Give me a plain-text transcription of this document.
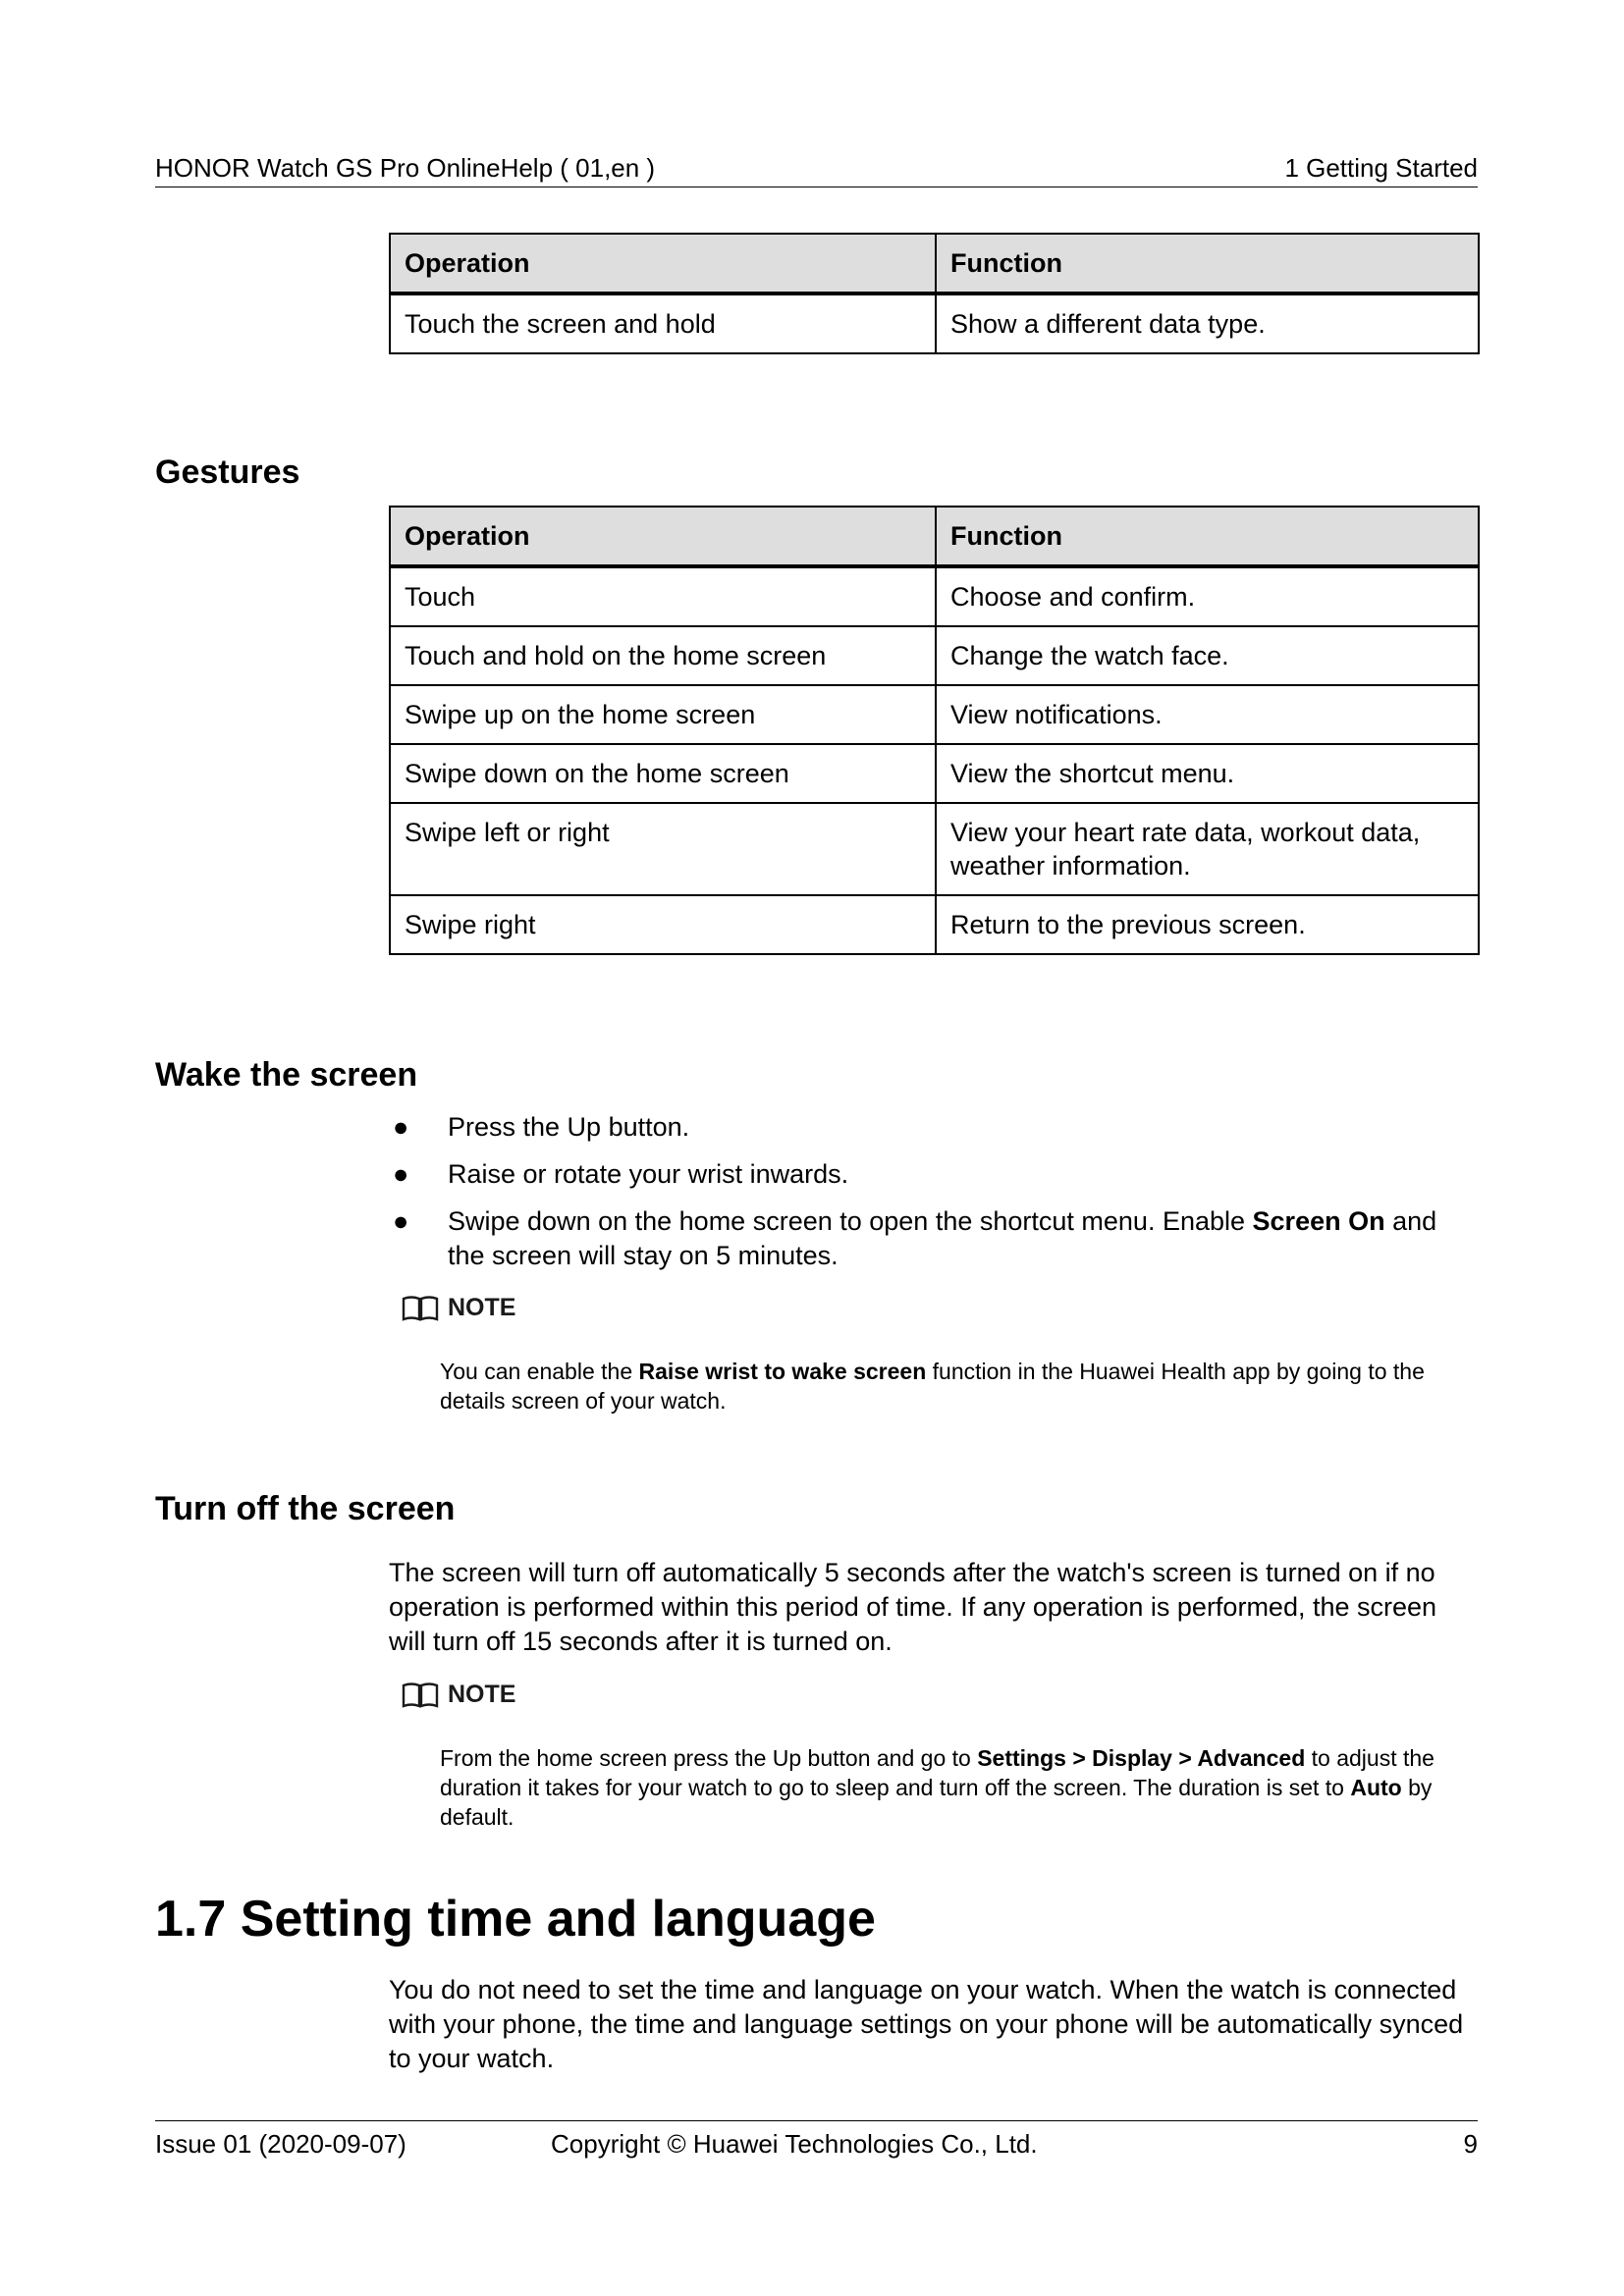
HONOR Watch GS Pro OnlineHelp ( 01,en )	1 Getting Started
Operation	Function
Touch the screen and hold	Show a different data type.
Gestures
Operation	Function
Touch	Choose and confirm.
Touch and hold on the home screen	Change the watch face.
Swipe up on the home screen	View notifications.
Swipe down on the home screen	View the shortcut menu.
Swipe left or right	View your heart rate data, workout data, weather information.
Swipe right	Return to the previous screen.
Wake the screen
● Press the Up button.
● Raise or rotate your wrist inwards.
● Swipe down on the home screen to open the shortcut menu. Enable Screen On and the screen will stay on 5 minutes.
NOTE
You can enable the Raise wrist to wake screen function in the Huawei Health app by going to the details screen of your watch.
Turn off the screen
The screen will turn off automatically 5 seconds after the watch's screen is turned on if no operation is performed within this period of time. If any operation is performed, the screen will turn off 15 seconds after it is turned on.
NOTE
From the home screen press the Up button and go to Settings > Display > Advanced to adjust the duration it takes for your watch to go to sleep and turn off the screen. The duration is set to Auto by default.
1.7 Setting time and language
You do not need to set the time and language on your watch. When the watch is connected with your phone, the time and language settings on your phone will be automatically synced to your watch.
Issue 01 (2020-09-07)	Copyright © Huawei Technologies Co., Ltd.	9
